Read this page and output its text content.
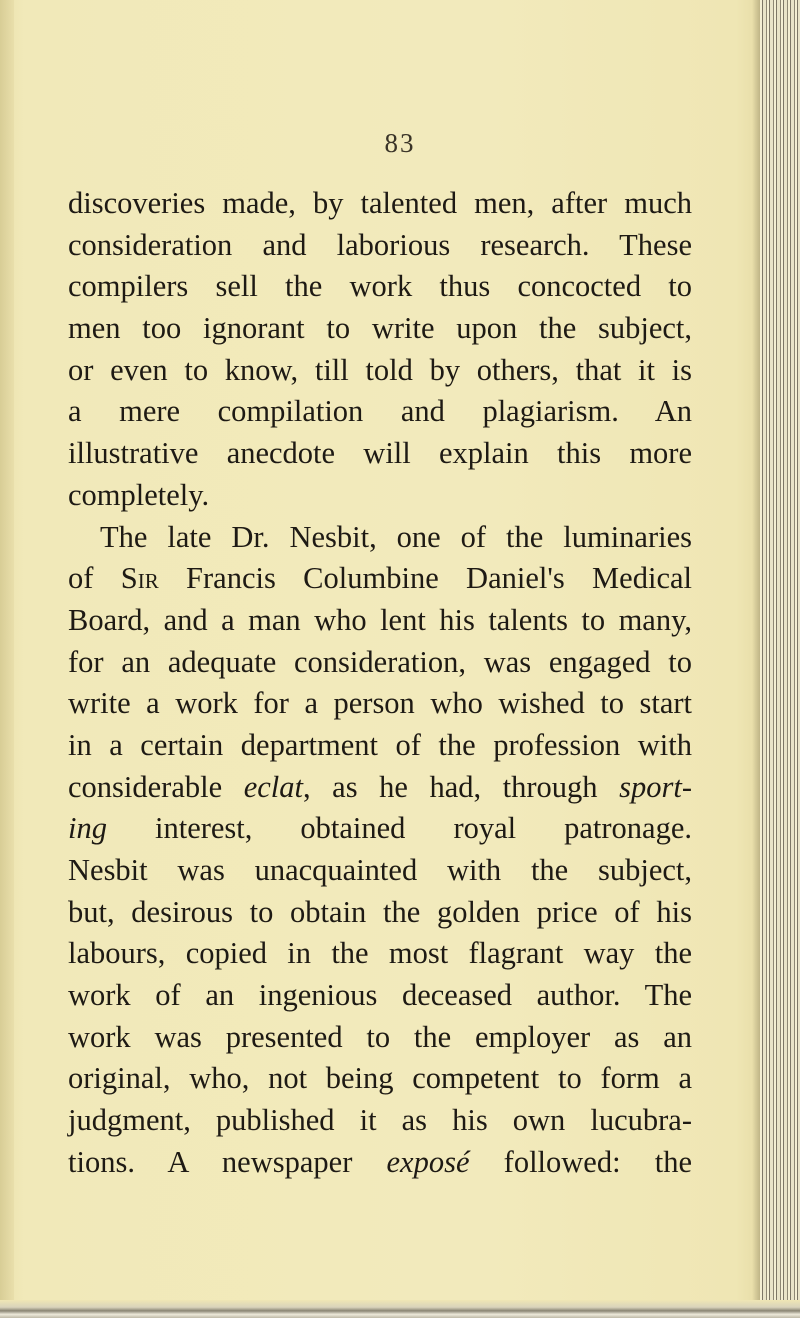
83
discoveries made, by talented men, after much
consideration and laborious research. These
compilers sell the work thus concocted to
men too ignorant to write upon the subject,
or even to know, till told by others, that it is
a mere compilation and plagiarism. An
illustrative anecdote will explain this more
completely.
The late Dr. Nesbit, one of the luminaries
of Sir Francis Columbine Daniel's Medical
Board, and a man who lent his talents to many,
for an adequate consideration, was engaged to
write a work for a person who wished to start
in a certain department of the profession with
considerable eclat, as he had, through sport-
ing interest, obtained royal patronage.
Nesbit was unacquainted with the subject,
but, desirous to obtain the golden price of his
labours, copied in the most flagrant way the
work of an ingenious deceased author. The
work was presented to the employer as an
original, who, not being competent to form a
judgment, published it as his own lucubra-
tions. A newspaper exposé followed: the
